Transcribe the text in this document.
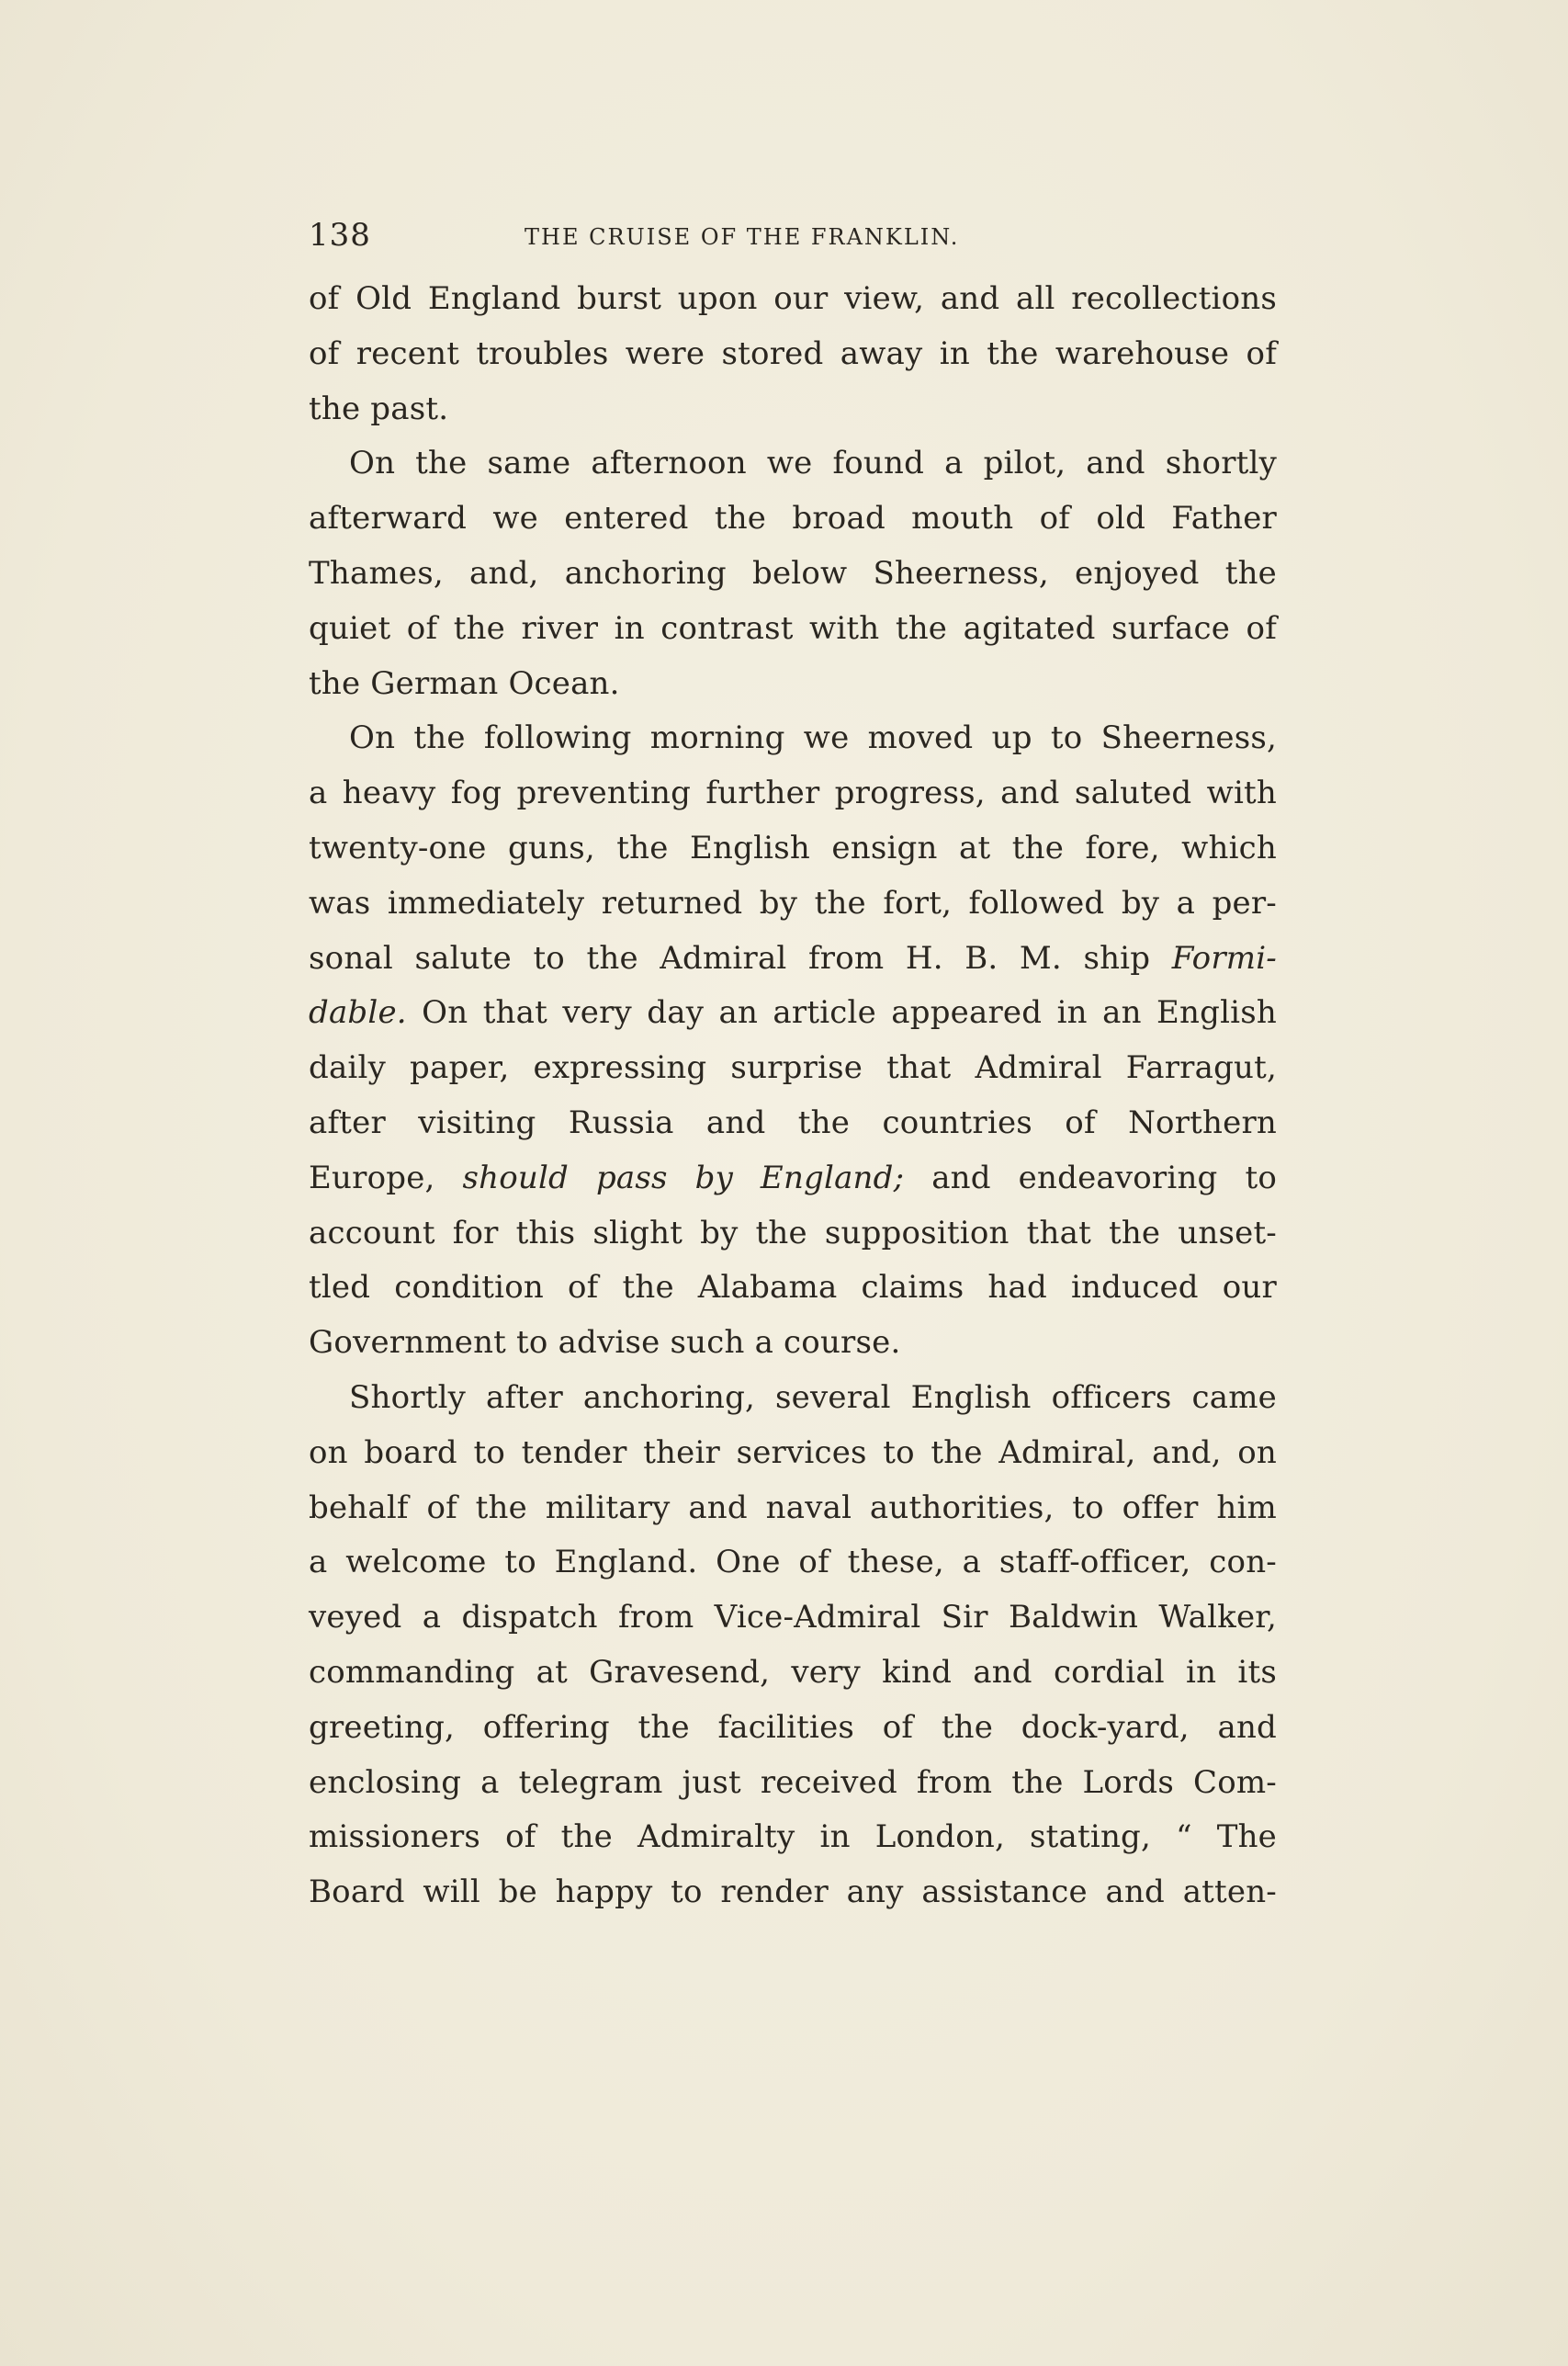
138	THE CRUISE OF THE FRANKLIN.
of Old England burst upon our view, and all recollections
of recent troubles were stored away in the warehouse of
the past.
On the same afternoon we found a pilot, and shortly
afterward we entered the broad mouth of old Father
Thames, and, anchoring below Sheerness, enjoyed the
quiet of the river in contrast with the agitated surface of
the German Ocean.
On the following morning we moved up to Sheerness,
a heavy fog preventing further progress, and saluted with
twenty-one guns, the English ensign at the fore, which
was immediately returned by the fort, followed by a per-
sonal salute to the Admiral from H. B. M. ship Formi-
dable. On that very day an article appeared in an English
daily paper, expressing surprise that Admiral Farragut,
after visiting Russia and the countries of Northern
Europe, should pass by England; and endeavoring to
account for this slight by the supposition that the unset-
tled condition of the Alabama claims had induced our
Government to advise such a course.
Shortly after anchoring, several English officers came
on board to tender their services to the Admiral, and, on
behalf of the military and naval authorities, to offer him
a welcome to England. One of these, a staff-officer, con-
veyed a dispatch from Vice-Admiral Sir Baldwin Walker,
commanding at Gravesend, very kind and cordial in its
greeting, offering the facilities of the dock-yard, and
enclosing a telegram just received from the Lords Com-
missioners of the Admiralty in London, stating, “ The
Board will be happy to render any assistance and atten-
